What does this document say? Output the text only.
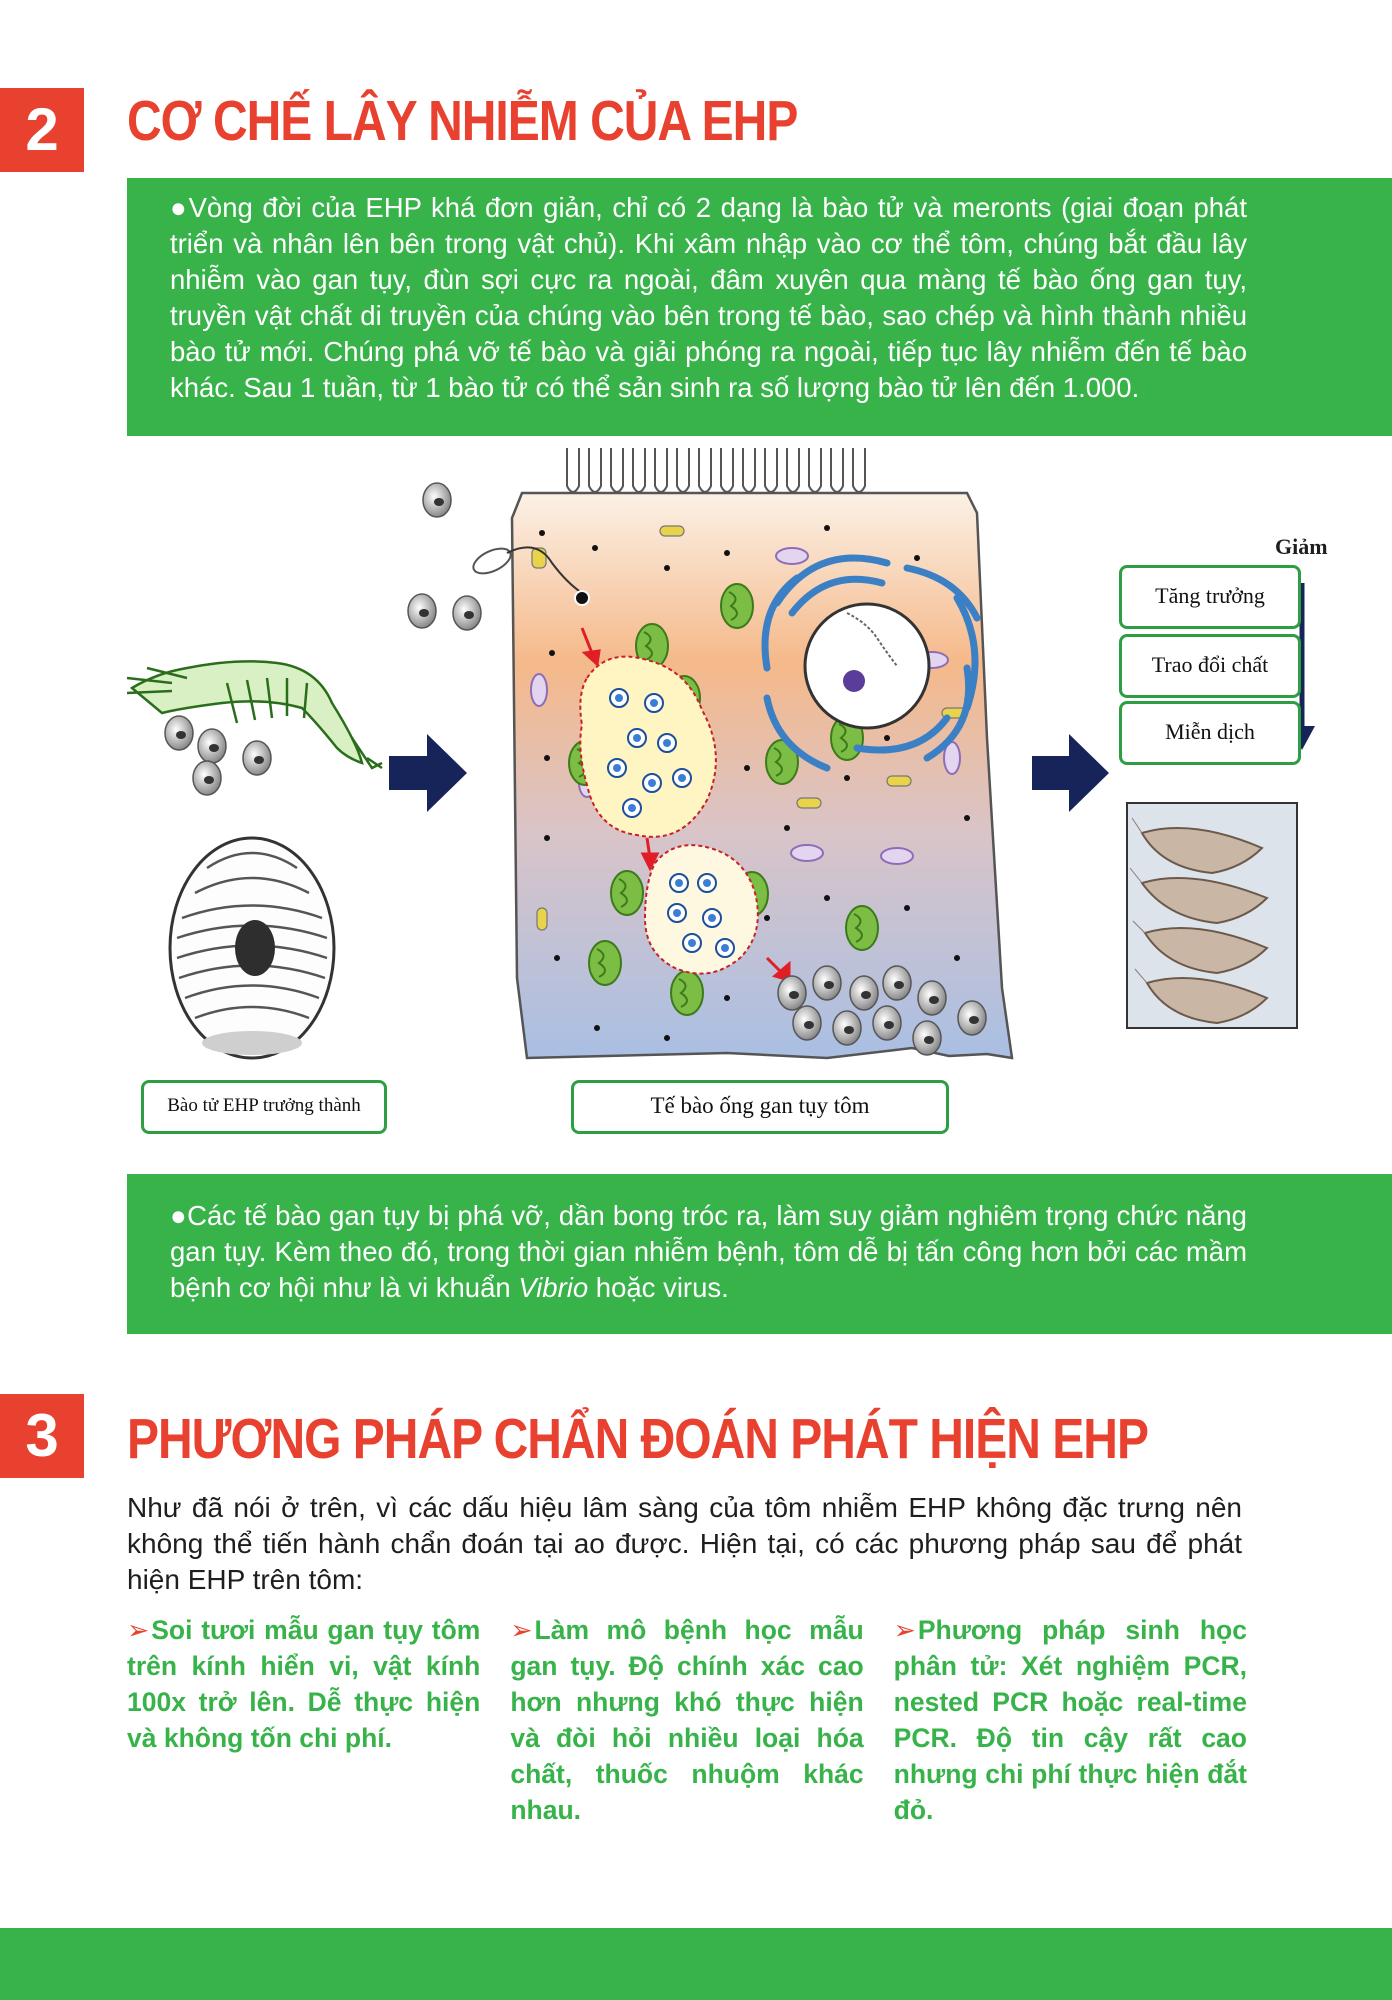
2	CƠ CHẾ LÂY NHIỄM CỦA EHP
●Vòng đời của EHP khá đơn giản, chỉ có 2 dạng là bào tử và meronts (giai đoạn phát triển và nhân lên bên trong vật chủ). Khi xâm nhập vào cơ thể tôm, chúng bắt đầu lây nhiễm vào gan tụy, đùn sợi cực ra ngoài, đâm xuyên qua màng tế bào ống gan tụy, truyền vật chất di truyền của chúng vào bên trong tế bào, sao chép và hình thành nhiều bào tử mới. Chúng phá vỡ tế bào và giải phóng ra ngoài, tiếp tục lây nhiễm đến tế bào khác. Sau 1 tuần, từ 1 bào tử có thể sản sinh ra số lượng bào tử lên đến 1.000.
Bào tử EHP trưởng thành	Tế bào ống gan tụy tôm
Giảm
Tăng trưởng
Trao đổi chất
Miễn dịch
●Các tế bào gan tụy bị phá vỡ, dần bong tróc ra, làm suy giảm nghiêm trọng chức năng gan tụy. Kèm theo đó, trong thời gian nhiễm bệnh, tôm dễ bị tấn công hơn bởi các mầm bệnh cơ hội như là vi khuẩn Vibrio hoặc virus.
3	PHƯƠNG PHÁP CHẨN ĐOÁN PHÁT HIỆN EHP
Như đã nói ở trên, vì các dấu hiệu lâm sàng của tôm nhiễm EHP không đặc trưng nên không thể tiến hành chẩn đoán tại ao được. Hiện tại, có các phương pháp sau để phát hiện EHP trên tôm:
➢Soi tươi mẫu gan tụy tôm trên kính hiển vi, vật kính 100x trở lên. Dễ thực hiện và không tốn chi phí.
➢Làm mô bệnh học mẫu gan tụy. Độ chính xác cao hơn nhưng khó thực hiện và đòi hỏi nhiều loại hóa chất, thuốc nhuộm khác nhau.
➢Phương pháp sinh học phân tử: Xét nghiệm PCR, nested PCR hoặc real-time PCR. Độ tin cậy rất cao nhưng chi phí thực hiện đắt đỏ.
